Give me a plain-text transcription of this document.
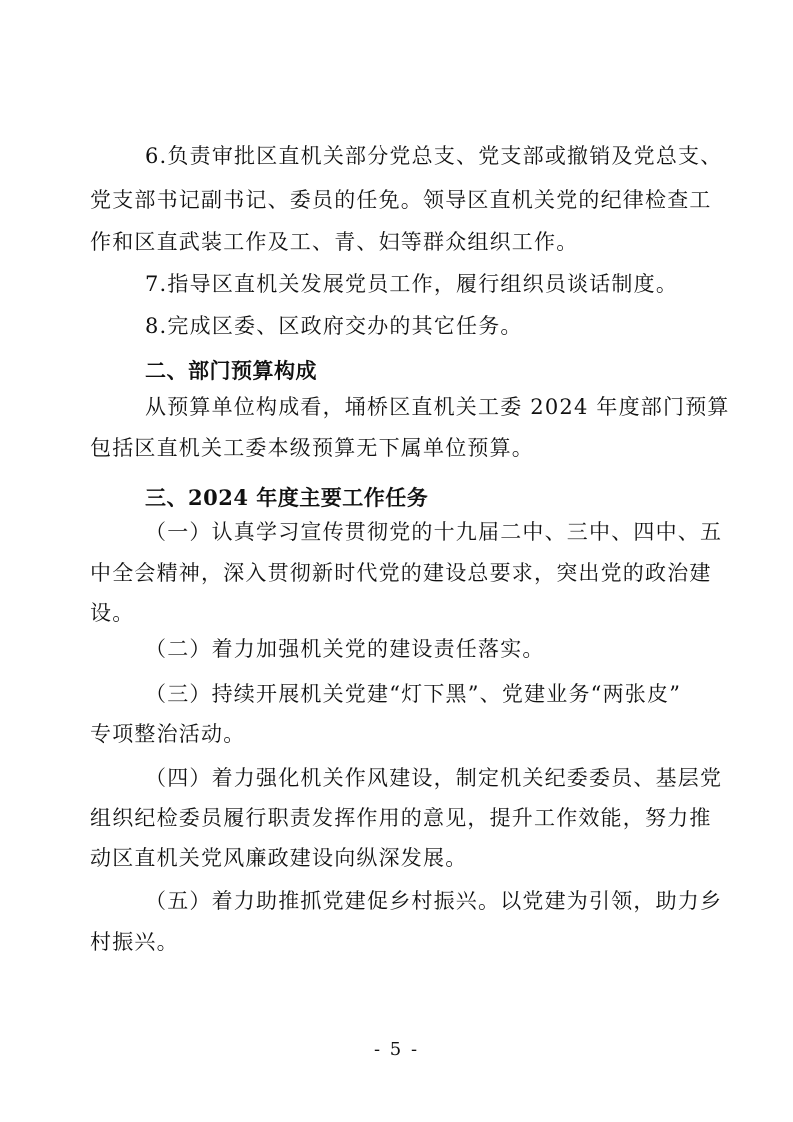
6.负责审批区直机关部分党总支、党支部或撤销及党总支、
党支部书记副书记、委员的任免。领导区直机关党的纪律检查工
作和区直武装工作及工、青、妇等群众组织工作。
7.指导区直机关发展党员工作，履行组织员谈话制度。
8.完成区委、区政府交办的其它任务。
二、部门预算构成
从预算单位构成看，埇桥区直机关工委 2024 年度部门预算
包括区直机关工委本级预算无下属单位预算。
三、2024 年度主要工作任务
（一）认真学习宣传贯彻党的十九届二中、三中、四中、五
中全会精神，深入贯彻新时代党的建设总要求，突出党的政治建
设。
（二）着力加强机关党的建设责任落实。
（三）持续开展机关党建“灯下黑”、党建业务“两张皮”
专项整治活动。
（四）着力强化机关作风建设，制定机关纪委委员、基层党
组织纪检委员履行职责发挥作用的意见，提升工作效能，努力推
动区直机关党风廉政建设向纵深发展。
（五）着力助推抓党建促乡村振兴。以党建为引领，助力乡
村振兴。
- 5 -
